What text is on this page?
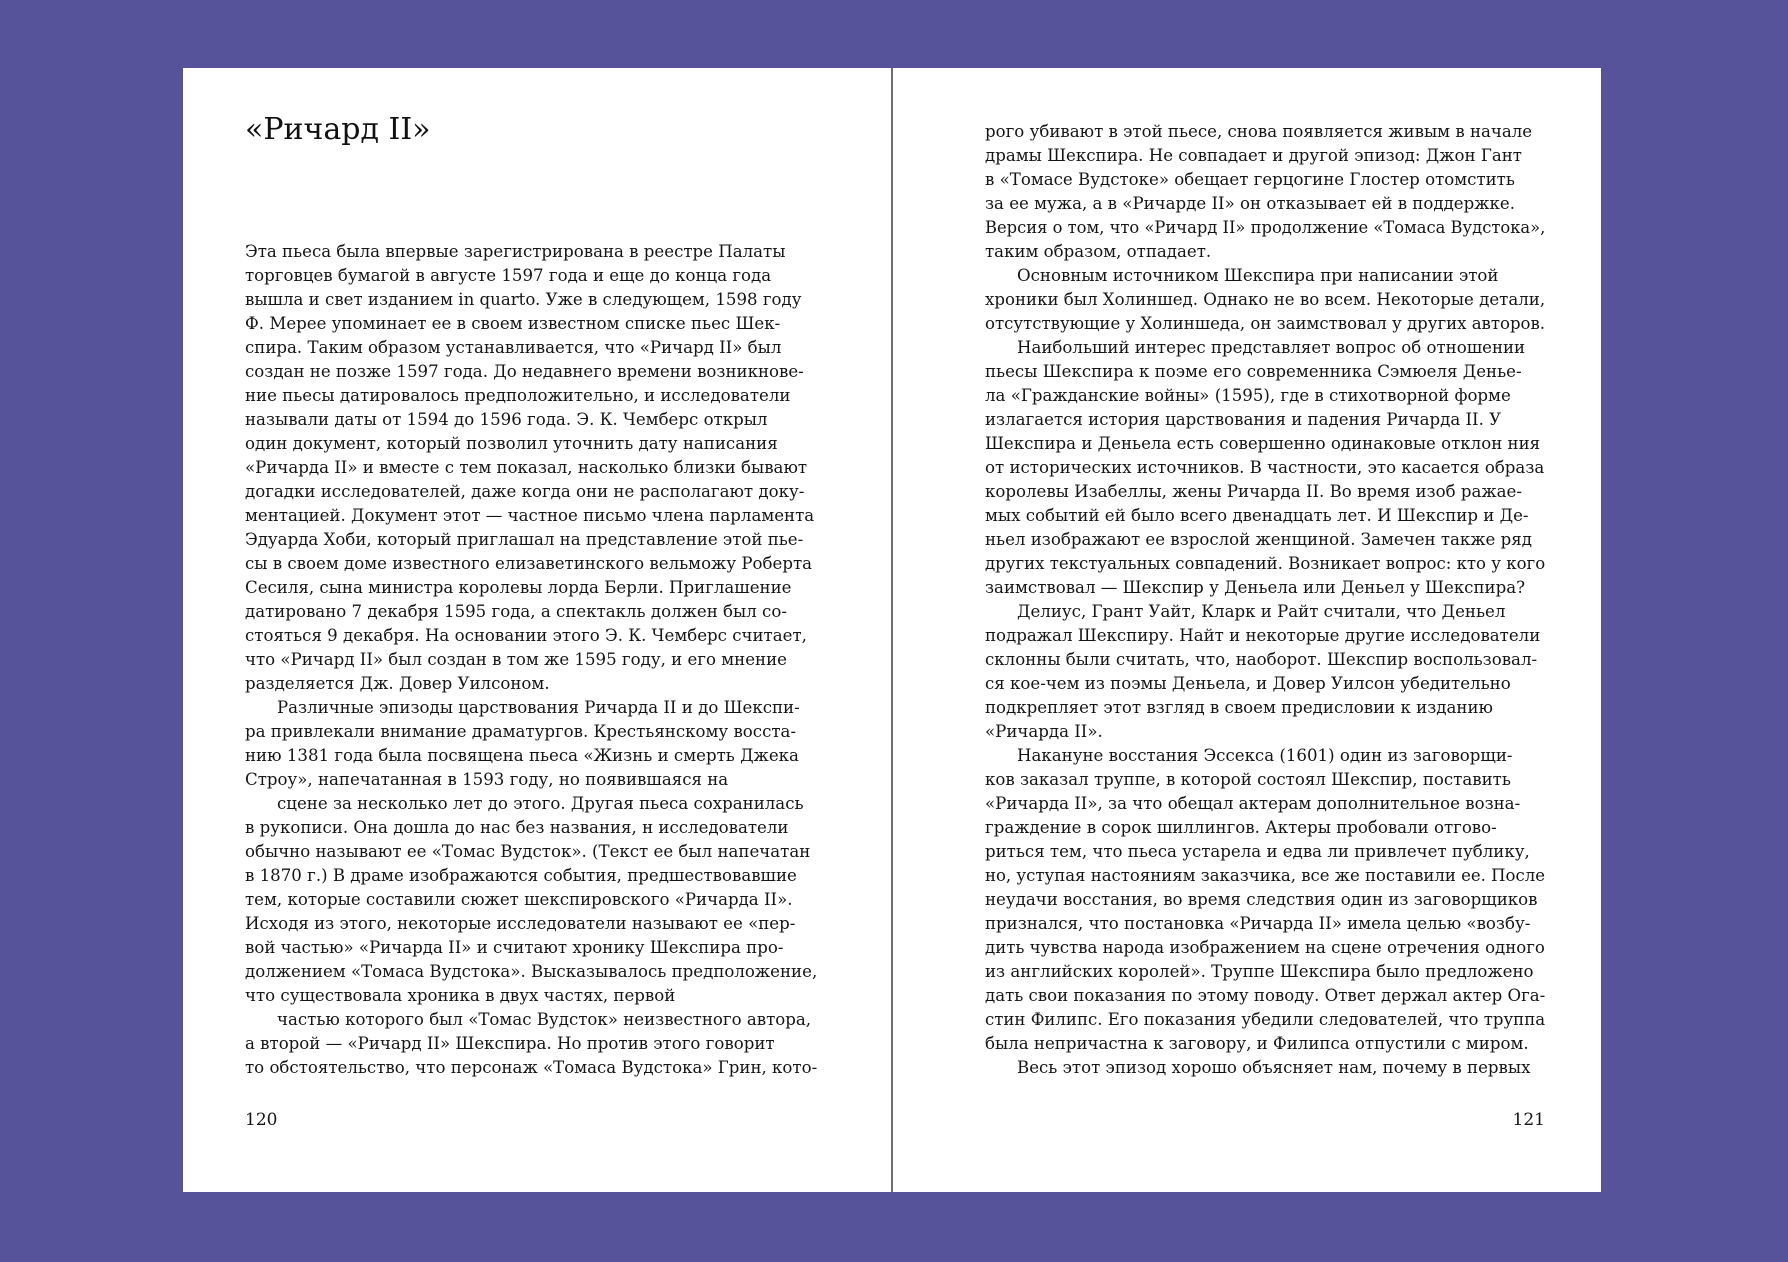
«Ричард II»
Эта пьеса была впервые зарегистрирована в реестре Палаты
торговцев бумагой в августе 1597 года и еще до конца года
вышла и свет изданием in quarto. Уже в следующем, 1598 году
Ф. Мерее упоминает ее в своем известном списке пьес Шек-
спира. Таким образом устанавливается, что «Ричард II» был
создан не позже 1597 года. До недавнего времени возникнове-
ние пьесы датировалось предположительно, и исследователи
называли даты от 1594 до 1596 года. Э. К. Чемберс открыл
один документ, который позволил уточнить дату написания
«Ричарда II» и вместе с тем показал, насколько близки бывают
догадки исследователей, даже когда они не располагают доку-
ментацией. Документ этот — частное письмо члена парламента
Эдуарда Хоби, который приглашал на представление этой пье-
сы в своем доме известного елизаветинского вельможу Роберта
Сесиля, сына министра королевы лорда Берли. Приглашение
датировано 7 декабря 1595 года, а спектакль должен был со-
стояться 9 декабря. На основании этого Э. К. Чемберс считает,
что «Ричард II» был создан в том же 1595 году, и его мнение
разделяется Дж. Довер Уилсоном.
Различные эпизоды царствования Ричарда II и до Шекспи-
ра привлекали внимание драматургов. Крестьянскому восста-
нию 1381 года была посвящена пьеса «Жизнь и смерть Джека
Строу», напечатанная в 1593 году, но появившаяся на
сцене за несколько лет до этого. Другая пьеса сохранилась
в рукописи. Она дошла до нас без названия, н исследователи
обычно называют ее «Томас Вудсток». (Текст ее был напечатан
в 1870 г.) В драме изображаются события, предшествовавшие
тем, которые составили сюжет шекспировского «Ричарда II».
Исходя из этого, некоторые исследователи называют ее «пер-
вой частью» «Ричарда II» и считают хронику Шекспира про-
должением «Томаса Вудстока». Высказывалось предположение,
что существовала хроника в двух частях, первой
частью которого был «Томас Вудсток» неизвестного автора,
а второй — «Ричард II» Шекспира. Но против этого говорит
то обстоятельство, что персонаж «Томаса Вудстока» Грин, кото-
120
рого убивают в этой пьесе, снова появляется живым в начале
драмы Шекспира. Не совпадает и другой эпизод: Джон Гант
в «Томасе Вудстоке» обещает герцогине Глостер отомстить
за ее мужа, а в «Ричарде II» он отказывает ей в поддержке.
Версия о том, что «Ричард II» продолжение «Томаса Вудстока»,
таким образом, отпадает.
Основным источником Шекспира при написании этой
хроники был Холиншед. Однако не во всем. Некоторые детали,
отсутствующие у Холиншеда, он заимствовал у других авторов.
Наибольший интерес представляет вопрос об отношении
пьесы Шекспира к поэме его современника Сэмюеля Деньe-
ла «Гражданские войны» (1595), где в стихотворной форме
излагается история царствования и падения Ричарда II. У
Шекспира и Деньела есть совершенно одинаковые отклон ния
от исторических источников. В частности, это касается образа
королевы Изабеллы, жены Ричарда II. Во время изоб ражае-
мых событий ей было всего двенадцать лет. И Шекспир и Де-
ньел изображают ее взрослой женщиной. Замечен также ряд
других текстуальных совпадений. Возникает вопрос: кто у кого
заимствовал — Шекспир у Деньела или Деньел у Шекспира?
Делиус, Грант Уайт, Кларк и Райт считали, что Деньел
подражал Шекспиру. Найт и некоторые другие исследователи
склонны были считать, что, наоборот. Шекспир воспользовал-
ся кое-чем из поэмы Деньела, и Довер Уилсон убедительно
подкрепляет этот взгляд в своем предисловии к изданию
«Ричарда II».
Накануне восстания Эссекса (1601) один из заговорщи-
ков заказал труппе, в которой состоял Шекспир, поставить
«Ричарда II», за что обещал актерам дополнительное возна-
граждение в сорок шиллингов. Актеры пробовали отгово-
риться тем, что пьеса устарела и едва ли привлечет публику,
но, уступая настояниям заказчика, все же поставили ее. После
неудачи восстания, во время следствия один из заговорщиков
признался, что постановка «Ричарда II» имела целью «возбу-
дить чувства народа изображением на сцене отречения одного
из английских королей». Труппе Шекспира было предложено
дать свои показания по этому поводу. Ответ держал актер Ога-
стин Филипс. Его показания убедили следователей, что труппа
была непричастна к заговору, и Филипса отпустили с миром.
Весь этот эпизод хорошо объясняет нам, почему в первых
121
